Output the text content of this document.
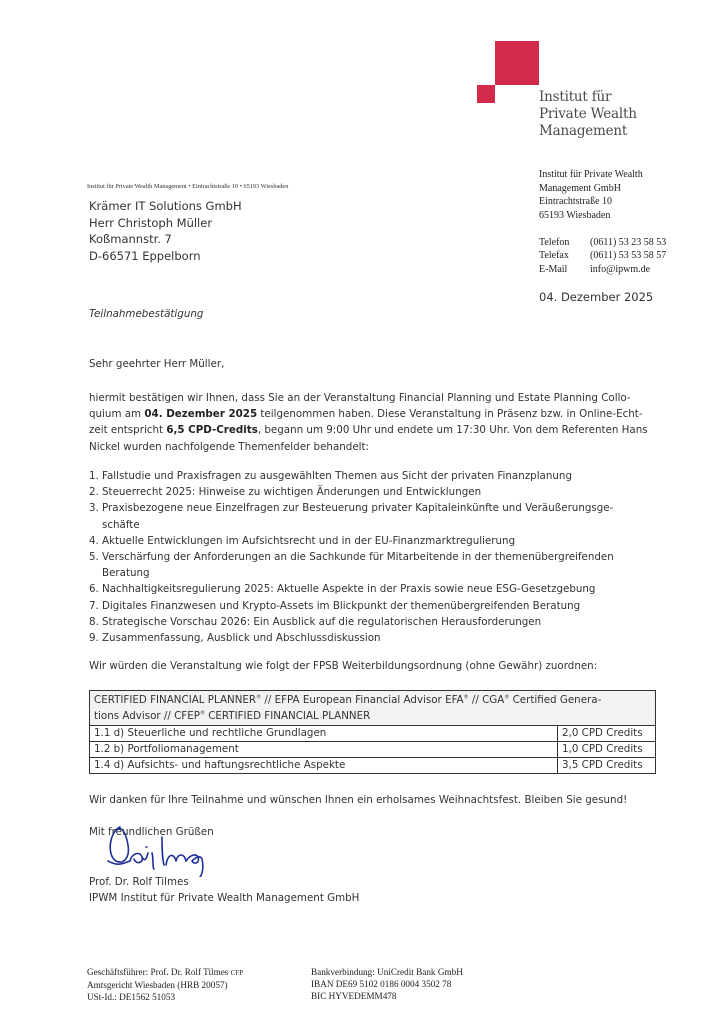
Institut für
Private Wealth
Management
Institut für Private Wealth Management • Eintrachtstraße 10 • 65193 Wiesbaden
Krämer IT Solutions GmbH
Herr Christoph Müller
Koßmannstr. 7
D-66571 Eppelborn
Institut für Private Wealth
Management GmbH
Eintrachtstraße 10
65193 Wiesbaden
Telefon	(0611) 53 23 58 53
Telefax	(0611) 53 53 58 57
E-Mail	info@ipwm.de
04. Dezember 2025
Teilnahmebestätigung
Sehr geehrter Herr Müller,
hiermit bestätigen wir Ihnen, dass Sie an der Veranstaltung Financial Planning und Estate Planning Collo-
quium am 04. Dezember 2025 teilgenommen haben. Diese Veranstaltung in Präsenz bzw. in Online-Echt-
zeit entspricht 6,5 CPD-Credits, begann um 9:00 Uhr und endete um 17:30 Uhr. Von dem Referenten Hans
Nickel wurden nachfolgende Themenfelder behandelt:
1. Fallstudie und Praxisfragen zu ausgewählten Themen aus Sicht der privaten Finanzplanung
2. Steuerrecht 2025: Hinweise zu wichtigen Änderungen und Entwicklungen
3. Praxisbezogene neue Einzelfragen zur Besteuerung privater Kapitaleinkünfte und Veräußerungsge-
schäfte
4. Aktuelle Entwicklungen im Aufsichtsrecht und in der EU-Finanzmarktregulierung
5. Verschärfung der Anforderungen an die Sachkunde für Mitarbeitende in der themenübergreifenden
Beratung
6. Nachhaltigkeitsregulierung 2025: Aktuelle Aspekte in der Praxis sowie neue ESG-Gesetzgebung
7. Digitales Finanzwesen und Krypto-Assets im Blickpunkt der themenübergreifenden Beratung
8. Strategische Vorschau 2026: Ein Ausblick auf die regulatorischen Herausforderungen
9. Zusammenfassung, Ausblick und Abschlussdiskussion
Wir würden die Veranstaltung wie folgt der FPSB Weiterbildungsordnung (ohne Gewähr) zuordnen:
CERTIFIED FINANCIAL PLANNER® // EFPA European Financial Advisor EFA® // CGA® Certified Genera-
tions Advisor // CFEP® CERTIFIED FINANCIAL PLANNER	

1.1 d) Steuerliche und rechtliche Grundlagen	2,0 CPD Credits
1.2 b) Portfoliomanagement	1,0 CPD Credits
1.4 d) Aufsichts- und haftungsrechtliche Aspekte	3,5 CPD Credits
Wir danken für Ihre Teilnahme und wünschen Ihnen ein erholsames Weihnachtsfest. Bleiben Sie gesund!
Mit freundlichen Grüßen
Prof. Dr. Rolf Tilmes
IPWM Institut für Private Wealth Management GmbH
Geschäftsführer: Prof. Dr. Rolf Tilmes CFP
Amtsgericht Wiesbaden (HRB 20057)
USt-Id.: DE1562 51053
Bankverbindung: UniCredit Bank GmbH
IBAN DE69 5102 0186 0004 3502 78
BIC HYVEDEMM478
